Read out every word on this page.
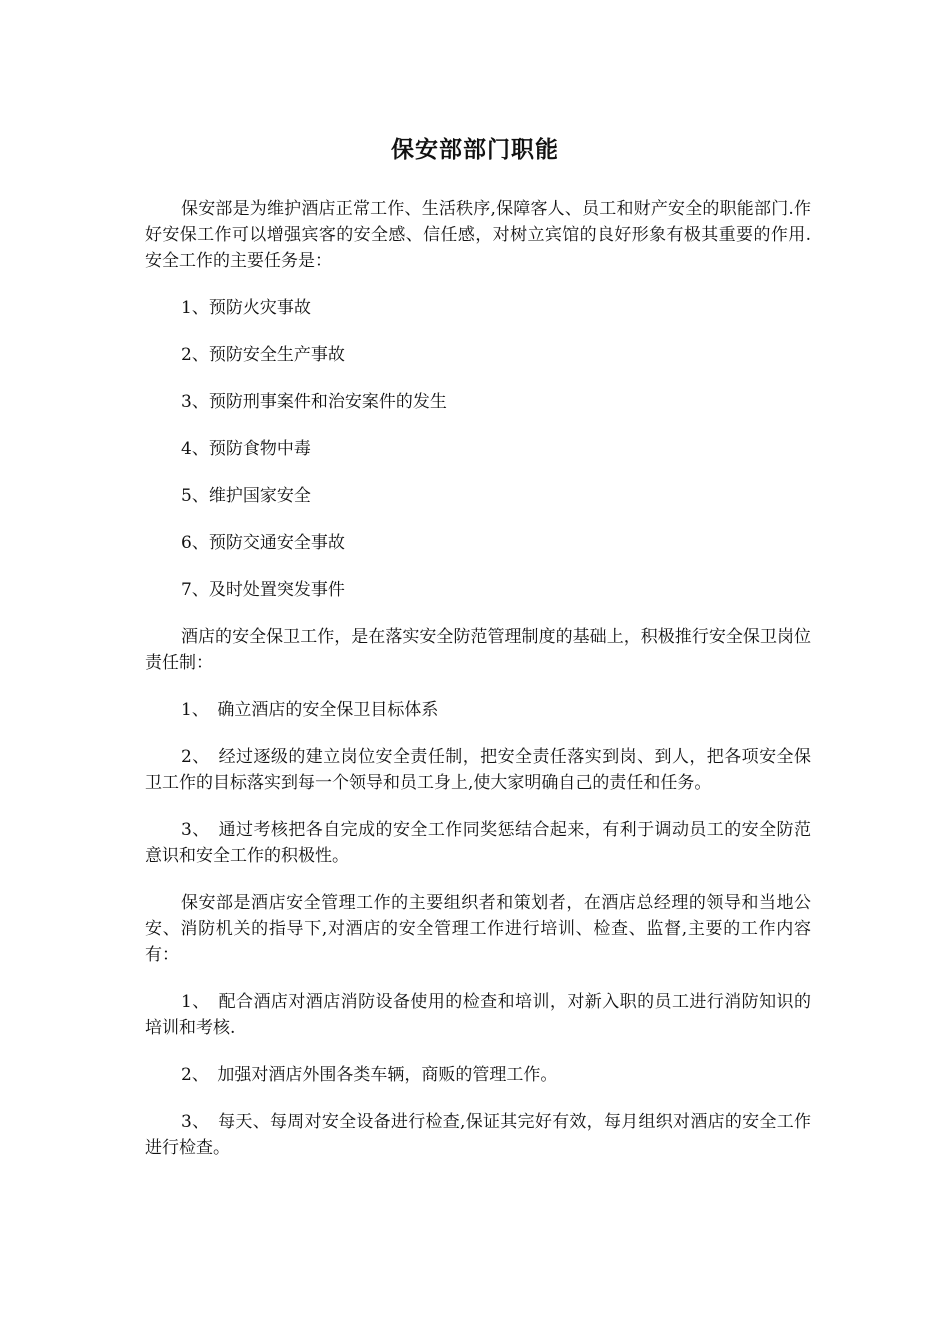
保安部部门职能

保安部是为维护酒店正常工作、生活秩序,保障客人、员工和财产安全的职能部门.作好安保工作可以增强宾客的安全感、信任感，对树立宾馆的良好形象有极其重要的作用.安全工作的主要任务是：

1、预防火灾事故

2、预防安全生产事故

3、预防刑事案件和治安案件的发生

4、预防食物中毒

5、维护国家安全

6、预防交通安全事故

7、及时处置突发事件

酒店的安全保卫工作，是在落实安全防范管理制度的基础上，积极推行安全保卫岗位责任制：

1、　确立酒店的安全保卫目标体系

2、　经过逐级的建立岗位安全责任制，把安全责任落实到岗、到人，把各项安全保卫工作的目标落实到每一个领导和员工身上,使大家明确自己的责任和任务。

3、　通过考核把各自完成的安全工作同奖惩结合起来，有利于调动员工的安全防范意识和安全工作的积极性。

保安部是酒店安全管理工作的主要组织者和策划者，在酒店总经理的领导和当地公安、消防机关的指导下,对酒店的安全管理工作进行培训、检查、监督,主要的工作内容有：

1、　配合酒店对酒店消防设备使用的检查和培训，对新入职的员工进行消防知识的培训和考核.

2、　加强对酒店外围各类车辆，商贩的管理工作。

3、　每天、每周对安全设备进行检查,保证其完好有效，每月组织对酒店的安全工作进行检查。
